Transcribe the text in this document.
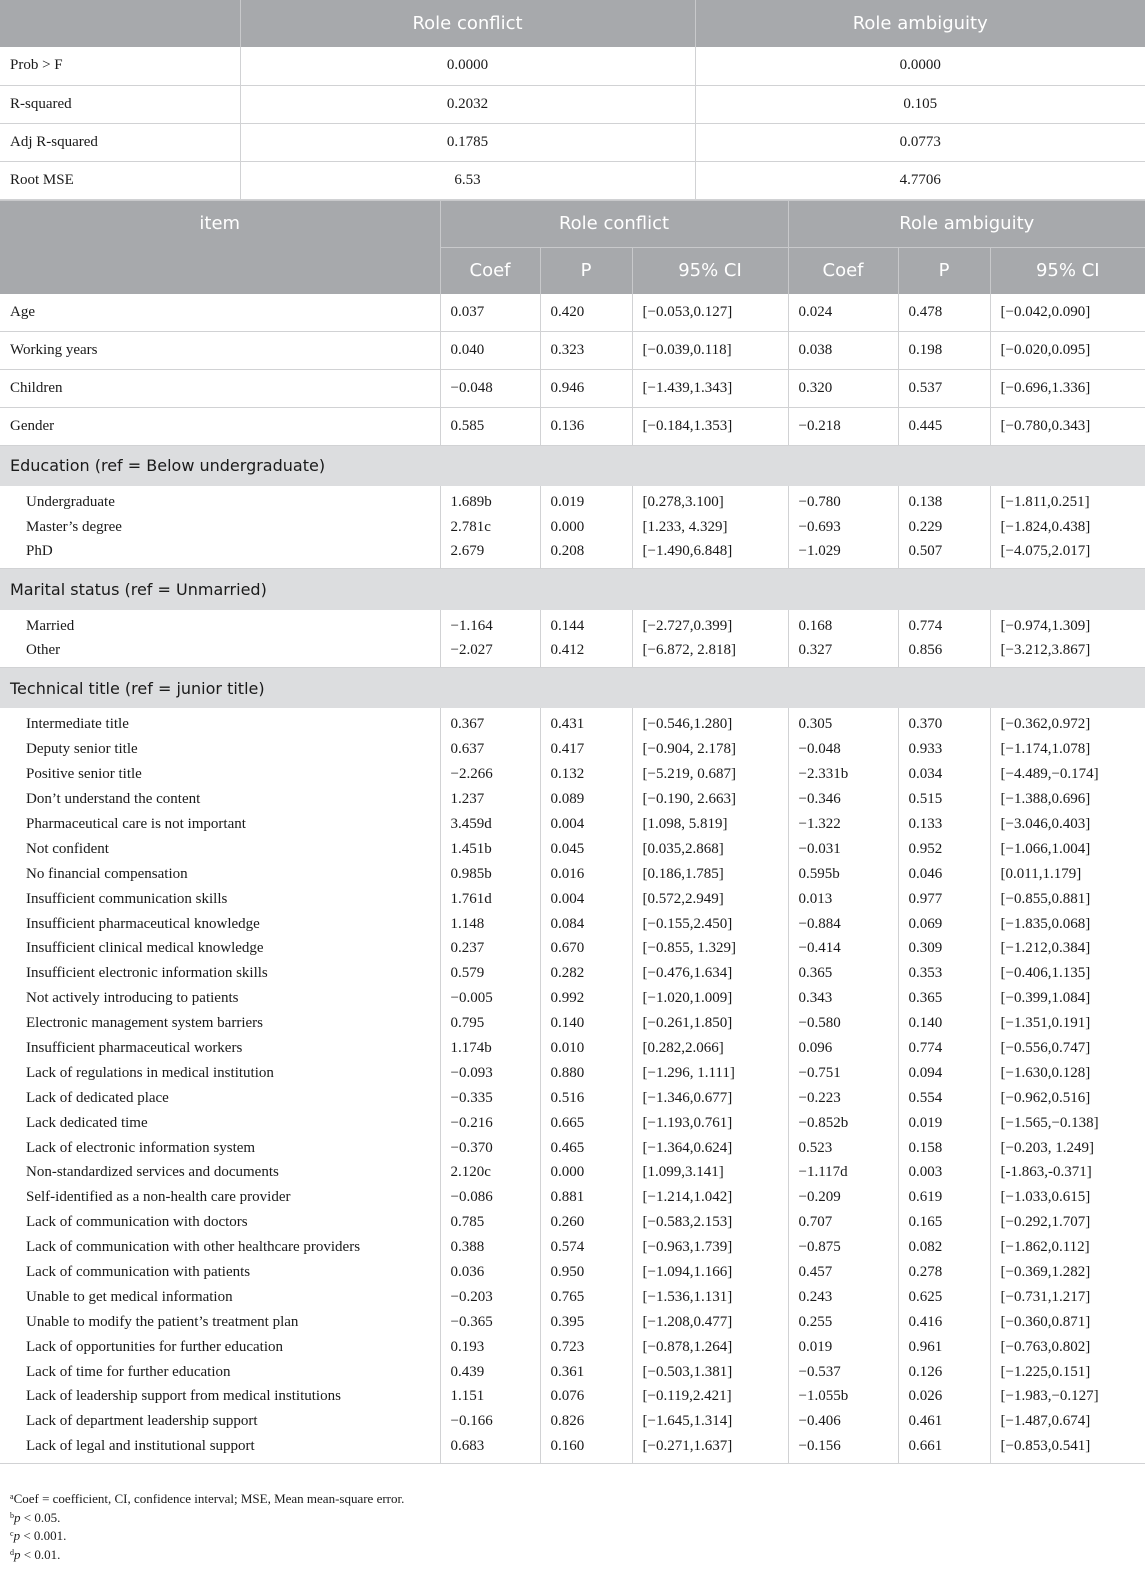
	Role conflict	Role ambiguity
Prob > F	0.0000	0.0000
R-squared	0.2032	0.105
Adj R-squared	0.1785	0.0773
Root MSE	6.53	4.7706
item	Role conflict			Role ambiguity		
	Coef	P	95% CI	Coef	P	95% CI
Age	0.037	0.420	[−0.053,0.127]	0.024	0.478	[−0.042,0.090]
Working years	0.040	0.323	[−0.039,0.118]	0.038	0.198	[−0.020,0.095]
Children	−0.048	0.946	[−1.439,1.343]	0.320	0.537	[−0.696,1.336]
Gender	0.585	0.136	[−0.184,1.353]	−0.218	0.445	[−0.780,0.343]
Education (ref = Below undergraduate)						
Undergraduate	1.689b	0.019	[0.278,3.100]	−0.780	0.138	[−1.811,0.251]
Master’s degree	2.781c	0.000	[1.233, 4.329]	−0.693	0.229	[−1.824,0.438]
PhD	2.679	0.208	[−1.490,6.848]	−1.029	0.507	[−4.075,2.017]
Marital status (ref = Unmarried)						
Married	−1.164	0.144	[−2.727,0.399]	0.168	0.774	[−0.974,1.309]
Other	−2.027	0.412	[−6.872, 2.818]	0.327	0.856	[−3.212,3.867]
Technical title (ref = junior title)						
Intermediate title	0.367	0.431	[−0.546,1.280]	0.305	0.370	[−0.362,0.972]
Deputy senior title	0.637	0.417	[−0.904, 2.178]	−0.048	0.933	[−1.174,1.078]
Positive senior title	−2.266	0.132	[−5.219, 0.687]	−2.331b	0.034	[−4.489,−0.174]
Don’t understand the content	1.237	0.089	[−0.190, 2.663]	−0.346	0.515	[−1.388,0.696]
Pharmaceutical care is not important	3.459d	0.004	[1.098, 5.819]	−1.322	0.133	[−3.046,0.403]
Not confident	1.451b	0.045	[0.035,2.868]	−0.031	0.952	[−1.066,1.004]
No financial compensation	0.985b	0.016	[0.186,1.785]	0.595b	0.046	[0.011,1.179]
Insufficient communication skills	1.761d	0.004	[0.572,2.949]	0.013	0.977	[−0.855,0.881]
Insufficient pharmaceutical knowledge	1.148	0.084	[−0.155,2.450]	−0.884	0.069	[−1.835,0.068]
Insufficient clinical medical knowledge	0.237	0.670	[−0.855, 1.329]	−0.414	0.309	[−1.212,0.384]
Insufficient electronic information skills	0.579	0.282	[−0.476,1.634]	0.365	0.353	[−0.406,1.135]
Not actively introducing to patients	−0.005	0.992	[−1.020,1.009]	0.343	0.365	[−0.399,1.084]
Electronic management system barriers	0.795	0.140	[−0.261,1.850]	−0.580	0.140	[−1.351,0.191]
Insufficient pharmaceutical workers	1.174b	0.010	[0.282,2.066]	0.096	0.774	[−0.556,0.747]
Lack of regulations in medical institution	−0.093	0.880	[−1.296, 1.111]	−0.751	0.094	[−1.630,0.128]
Lack of dedicated place	−0.335	0.516	[−1.346,0.677]	−0.223	0.554	[−0.962,0.516]
Lack dedicated time	−0.216	0.665	[−1.193,0.761]	−0.852b	0.019	[−1.565,−0.138]
Lack of electronic information system	−0.370	0.465	[−1.364,0.624]	0.523	0.158	[−0.203, 1.249]
Non-standardized services and documents	2.120c	0.000	[1.099,3.141]	−1.117d	0.003	[-1.863,-0.371]
Self-identified as a non-health care provider	−0.086	0.881	[−1.214,1.042]	−0.209	0.619	[−1.033,0.615]
Lack of communication with doctors	0.785	0.260	[−0.583,2.153]	0.707	0.165	[−0.292,1.707]
Lack of communication with other healthcare providers	0.388	0.574	[−0.963,1.739]	−0.875	0.082	[−1.862,0.112]
Lack of communication with patients	0.036	0.950	[−1.094,1.166]	0.457	0.278	[−0.369,1.282]
Unable to get medical information	−0.203	0.765	[−1.536,1.131]	0.243	0.625	[−0.731,1.217]
Unable to modify the patient’s treatment plan	−0.365	0.395	[−1.208,0.477]	0.255	0.416	[−0.360,0.871]
Lack of opportunities for further education	0.193	0.723	[−0.878,1.264]	0.019	0.961	[−0.763,0.802]
Lack of time for further education	0.439	0.361	[−0.503,1.381]	−0.537	0.126	[−1.225,0.151]
Lack of leadership support from medical institutions	1.151	0.076	[−0.119,2.421]	−1.055b	0.026	[−1.983,−0.127]
Lack of department leadership support	−0.166	0.826	[−1.645,1.314]	−0.406	0.461	[−1.487,0.674]
Lack of legal and institutional support	0.683	0.160	[−0.271,1.637]	−0.156	0.661	[−0.853,0.541]
$^a$Coef = coefficient, CI, confidence interval; MSE, Mean mean-square error.
$^b$p < 0.05.
$^c$p < 0.001.
$^d$p < 0.01.
